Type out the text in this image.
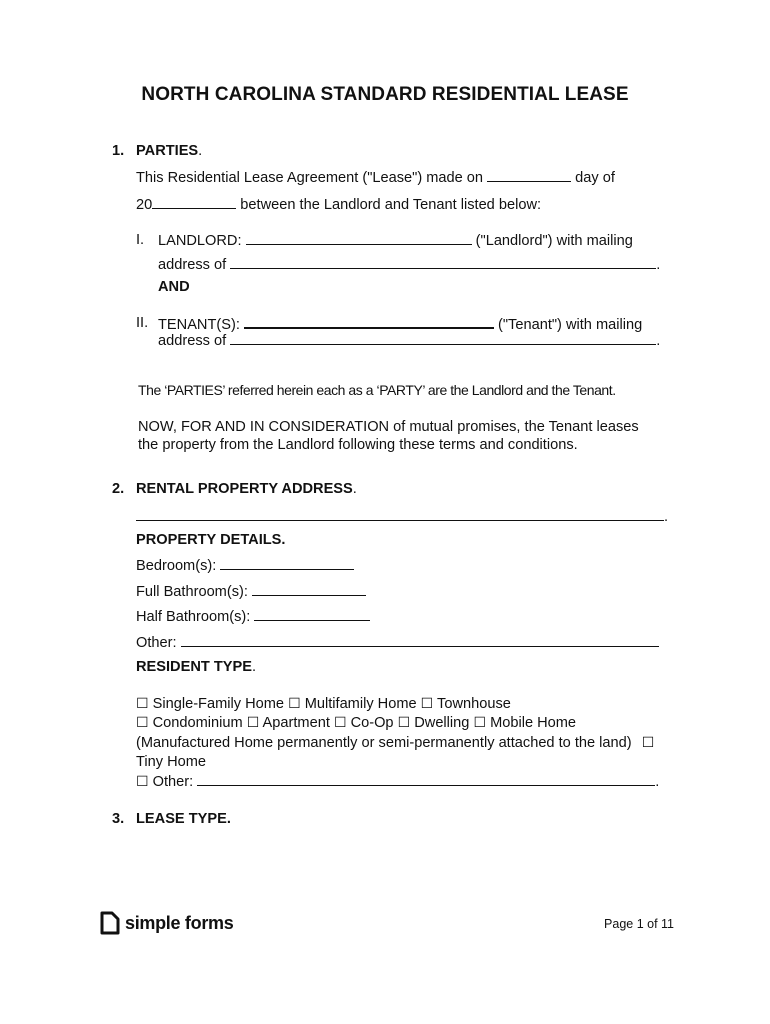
NORTH CAROLINA STANDARD RESIDENTIAL LEASE
1. PARTIES.
This Residential Lease Agreement ("Lease") made on	day of
20	between the Landlord and Tenant listed below:
I. LANDLORD:	("Landlord") with mailing
address of	.
AND
II. TENANT(S):	("Tenant") with mailing
address of	.
The ‘PARTIES’ referred herein each as a ‘PARTY’ are the Landlord and the Tenant.
NOW, FOR AND IN CONSIDERATION of mutual promises, the Tenant leases
the property from the Landlord following these terms and conditions.
2. RENTAL PROPERTY ADDRESS.
.
PROPERTY DETAILS.
Bedroom(s):
Full Bathroom(s):
Half Bathroom(s):
Other:
RESIDENT TYPE.
☐ Single-Family Home ☐ Multifamily Home ☐ Townhouse
☐ Condominium ☐ Apartment ☐ Co-Op ☐ Dwelling ☐ Mobile Home
(Manufactured Home permanently or semi-permanently attached to the land) ☐
Tiny Home
☐ Other:	.
3. LEASE TYPE.
simple forms	Page 1 of 11
